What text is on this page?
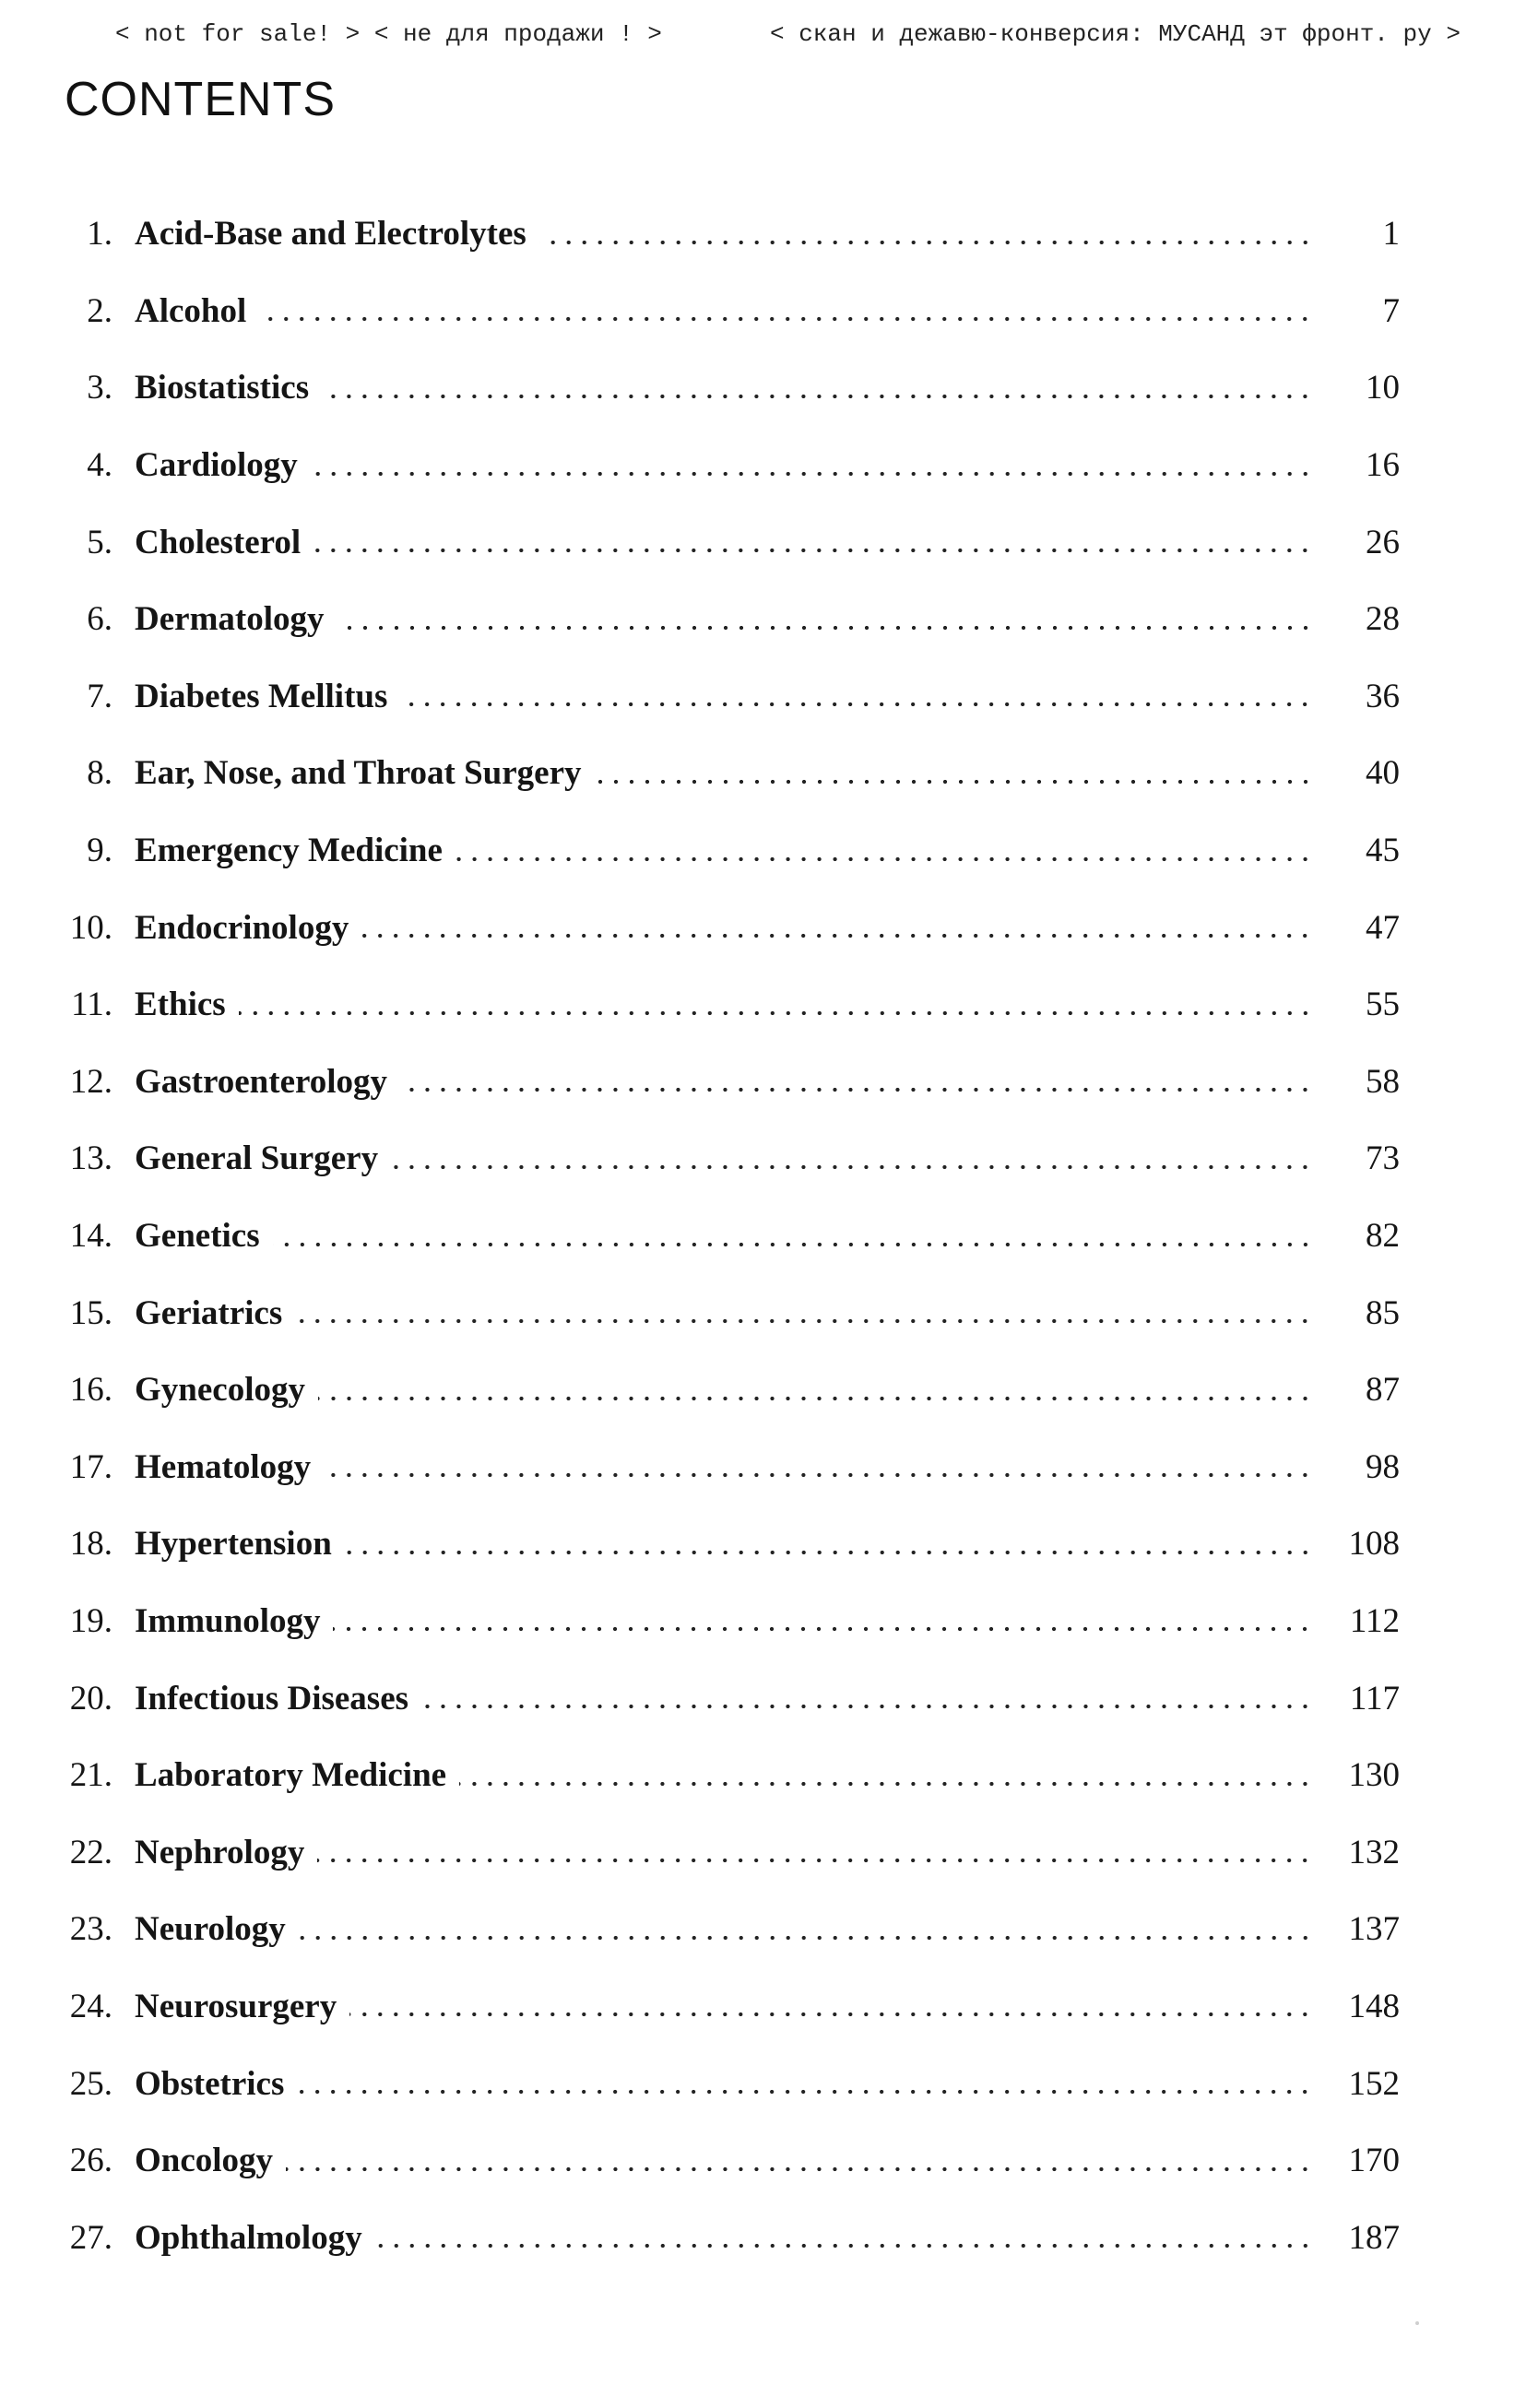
< not for sale! > < не для продажи ! >	< скан и дежавю-конверсия: МУСАНД эт фронт. ру >
CONTENTS
1. Acid-Base and Electrolytes	1
2. Alcohol	7
3. Biostatistics	10
4. Cardiology	16
5. Cholesterol	26
6. Dermatology	28
7. Diabetes Mellitus	36
8. Ear, Nose, and Throat Surgery	40
9. Emergency Medicine	45
10. Endocrinology	47
11. Ethics	55
12. Gastroenterology	58
13. General Surgery	73
14. Genetics	82
15. Geriatrics	85
16. Gynecology	87
17. Hematology	98
18. Hypertension	108
19. Immunology	112
20. Infectious Diseases	117
21. Laboratory Medicine	130
22. Nephrology	132
23. Neurology	137
24. Neurosurgery	148
25. Obstetrics	152
26. Oncology	170
27. Ophthalmology	187
